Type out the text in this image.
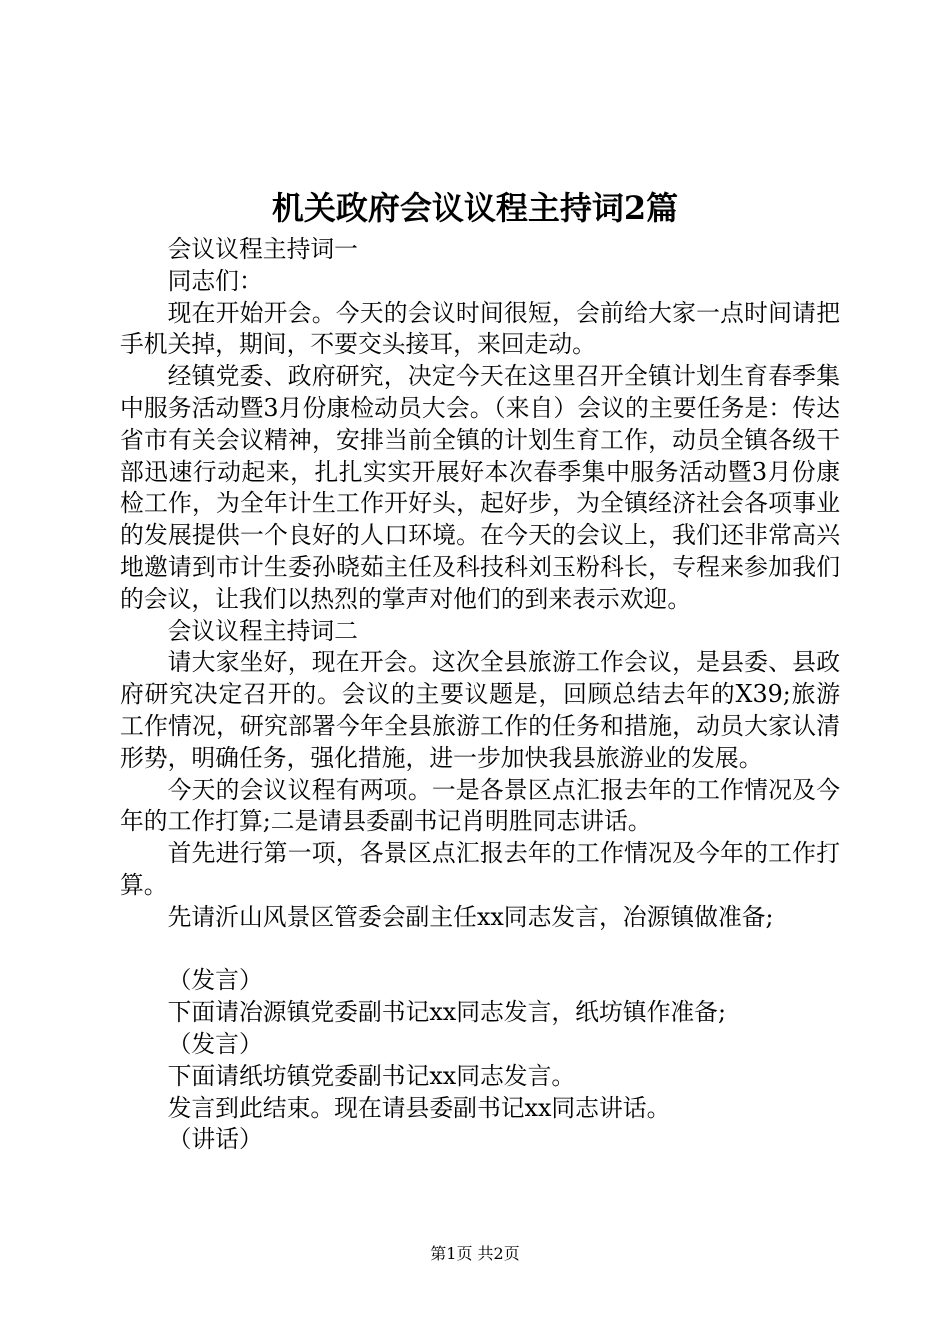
机关政府会议议程主持词2篇

会议议程主持词一

同志们：

现在开始开会。今天的会议时间很短，会前给大家一点时间请把手机关掉，期间，不要交头接耳，来回走动。

经镇党委、政府研究，决定今天在这里召开全镇计划生育春季集中服务活动暨3月份康检动员大会。（来自）会议的主要任务是：传达省市有关会议精神，安排当前全镇的计划生育工作，动员全镇各级干部迅速行动起来，扎扎实实开展好本次春季集中服务活动暨3月份康检工作，为全年计生工作开好头，起好步，为全镇经济社会各项事业的发展提供一个良好的人口环境。在今天的会议上，我们还非常高兴地邀请到市计生委孙晓茹主任及科技科刘玉粉科长，专程来参加我们的会议，让我们以热烈的掌声对他们的到来表示欢迎。

会议议程主持词二

请大家坐好，现在开会。这次全县旅游工作会议，是县委、县政府研究决定召开的。会议的主要议题是，回顾总结去年的X39;旅游工作情况，研究部署今年全县旅游工作的任务和措施，动员大家认清形势，明确任务，强化措施，进一步加快我县旅游业的发展。

今天的会议议程有两项。一是各景区点汇报去年的工作情况及今年的工作打算;二是请县委副书记肖明胜同志讲话。

首先进行第一项，各景区点汇报去年的工作情况及今年的工作打算。

先请沂山风景区管委会副主任xx同志发言，冶源镇做准备;

（发言）

下面请冶源镇党委副书记xx同志发言，纸坊镇作准备;

（发言）

下面请纸坊镇党委副书记xx同志发言。

发言到此结束。现在请县委副书记xx同志讲话。

（讲话）

第1页 共2页
